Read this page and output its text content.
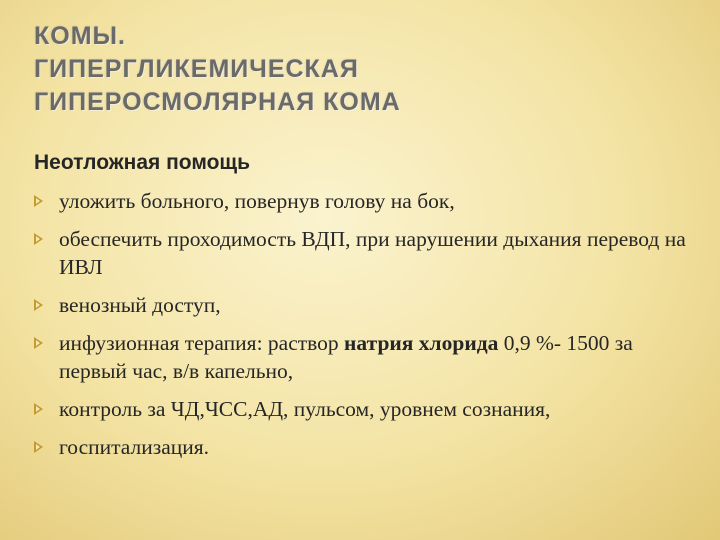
КОМЫ.
ГИПЕРГЛИКЕМИЧЕСКАЯ
ГИПЕРОСМОЛЯРНАЯ КОМА
Неотложная помощь
уложить больного, повернув голову на бок,
обеспечить проходимость ВДП, при нарушении дыхания перевод на ИВЛ
венозный доступ,
инфузионная терапия: раствор натрия хлорида 0,9 %- 1500 за первый час, в/в капельно,
контроль за ЧД,ЧСС,АД, пульсом, уровнем сознания,
госпитализация.
